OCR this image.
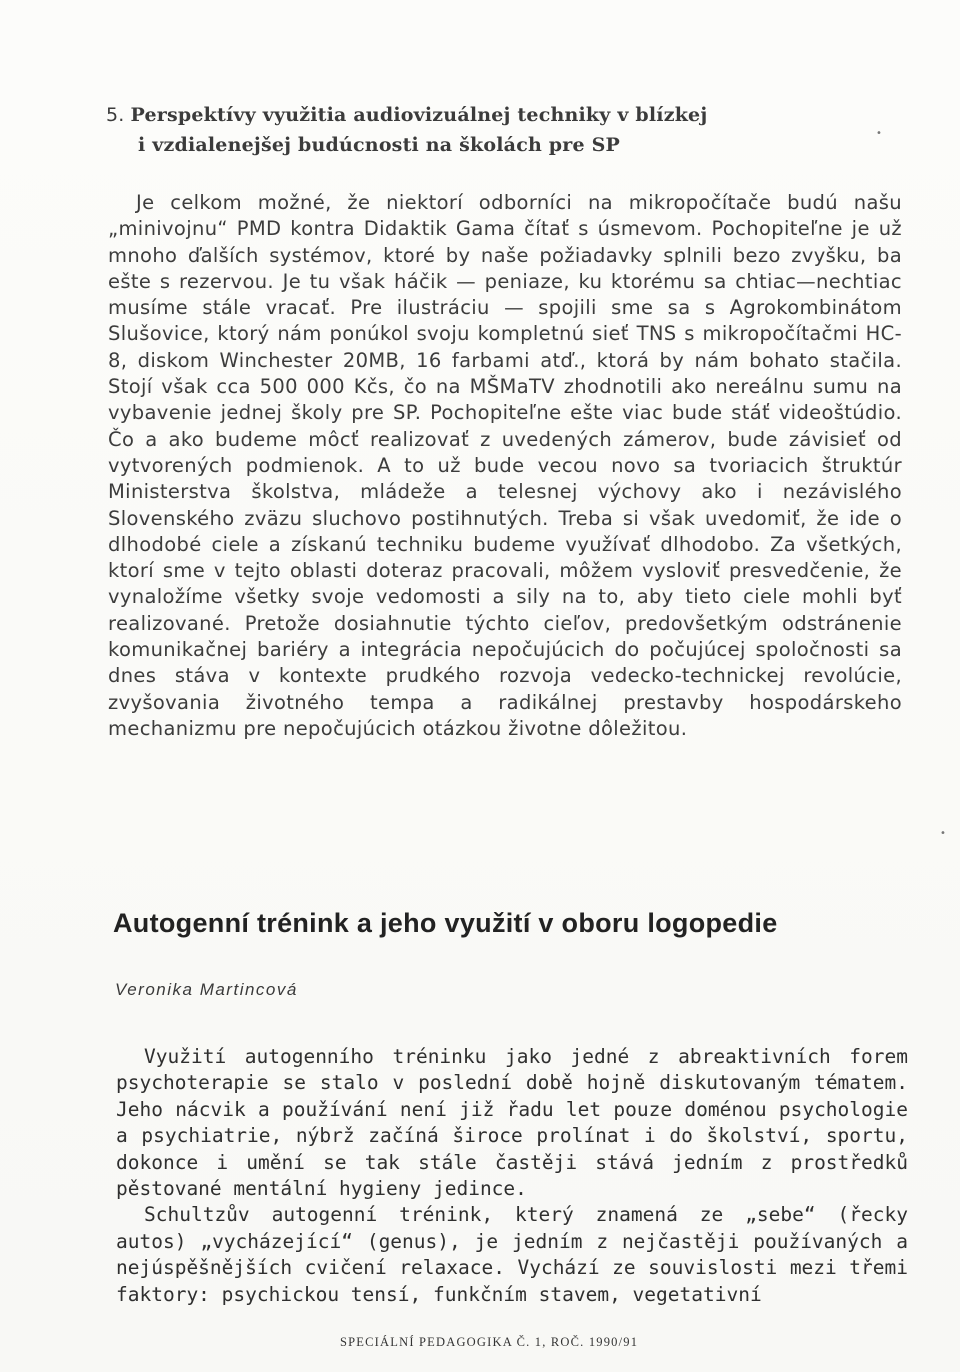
5. Perspektívy využitia audiovizuálnej techniky v blízkej
i vzdialenejšej budúcnosti na školách pre SP

Je celkom možné, že niektorí odborníci na mikropočítače budú našu „minivojnu“ PMD kontra Didaktik Gama čítať s úsmevom. Pochopiteľne je už mnoho ďalších systémov, ktoré by naše požiadavky splnili bezo zvyšku, ba ešte s rezervou. Je tu však háčik — peniaze, ku ktorému sa chtiac—nechtiac musíme stále vracať. Pre ilustráciu — spojili sme sa s Agrokombinátom Slušovice, ktorý nám ponúkol svoju kompletnú sieť TNS s mikropočítačmi HC-8, diskom Winchester 20MB, 16 farbami atď., ktorá by nám bohato stačila. Stojí však cca 500 000 Kčs, čo na MŠMaTV zhodnotili ako nereálnu sumu na vybavenie jednej školy pre SP. Pochopiteľne ešte viac bude stáť videoštúdio. Čo a ako budeme môcť realizovať z uvedených zámerov, bude závisieť od vytvorených podmienok. A to už bude vecou novo sa tvoriacich štruktúr Ministerstva školstva, mládeže a telesnej výchovy ako i nezávislého Slovenského zväzu sluchovo postihnutých. Treba si však uvedomiť, že ide o dlhodobé ciele a získanú techniku budeme využívať dlhodobo. Za všetkých, ktorí sme v tejto oblasti doteraz pracovali, môžem vysloviť presvedčenie, že vynaložíme všetky svoje vedomosti a sily na to, aby tieto ciele mohli byť realizované. Pretože dosiahnutie týchto cieľov, predovšetkým odstránenie komunikačnej bariéry a integrácia nepočujúcich do počujúcej spoločnosti sa dnes stáva v kontexte prudkého rozvoja vedecko-technickej revolúcie, zvyšovania životného tempa a radikálnej prestavby hospodárskeho mechanizmu pre nepočujúcich otázkou životne dôležitou.

Autogenní trénink a jeho využití v oboru logopedie
Veronika Martincová

Využití autogenního tréninku jako jedné z abreaktivních forem psychoterapie se stalo v poslední době hojně diskutovaným tématem. Jeho nácvik a používání není již řadu let pouze doménou psychologie a psychiatrie, nýbrž začíná široce prolínat i do školství, sportu, dokonce i umění se tak stále častěji stává jedním z prostředků pěstované mentální hygieny jedince.

Schultzův autogenní trénink, který znamená ze „sebe“ (řecky autos) „vycházející“ (genus), je jedním z nejčastěji používaných a nejúspěšnějších cvičení relaxace. Vychází ze souvislosti mezi třemi faktory: psychickou tensí, funkčním stavem, vegetativní

SPECIÁLNÍ PEDAGOGIKA Č. 1, ROČ. 1990/91
•
•
